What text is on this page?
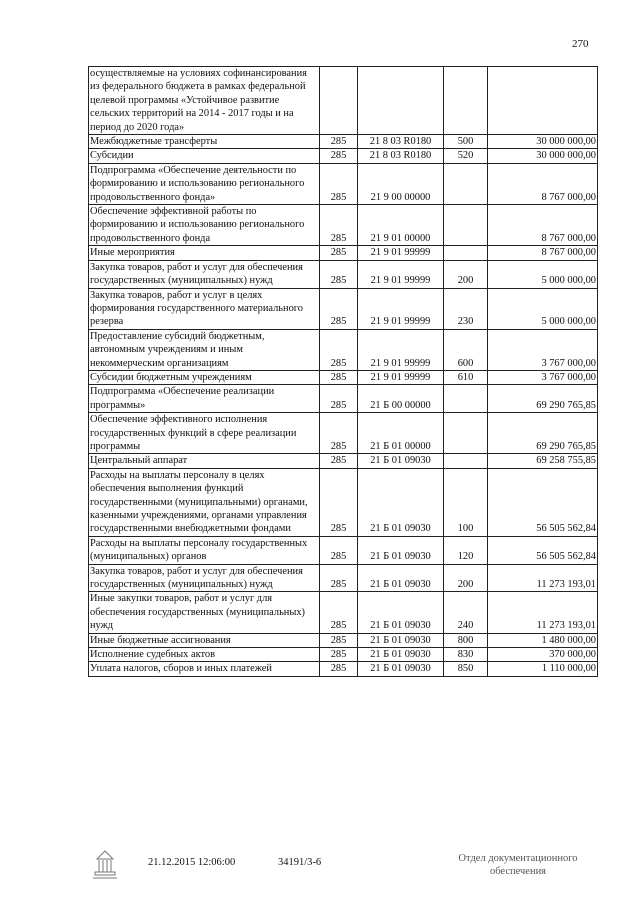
270
осуществляемые на условиях софинансирования из федерального бюджета в рамках федеральной целевой программы «Устойчивое развитие сельских территорий на 2014 - 2017 годы и на период до 2020 года»				
Межбюджетные трансферты	285	21 8 03 R0180	500	30 000 000,00
Субсидии	285	21 8 03 R0180	520	30 000 000,00
Подпрограмма «Обеспечение деятельности по формированию и использованию регионального продовольственного фонда»	285	21 9 00 00000		8 767 000,00
Обеспечение эффективной работы по формированию и использованию регионального продовольственного фонда	285	21 9 01 00000		8 767 000,00
Иные мероприятия	285	21 9 01 99999		8 767 000,00
Закупка товаров, работ и услуг для обеспечения государственных (муниципальных) нужд	285	21 9 01 99999	200	5 000 000,00
Закупка товаров, работ и услуг в целях формирования государственного материального резерва	285	21 9 01 99999	230	5 000 000,00
Предоставление субсидий бюджетным, автономным учреждениям и иным некоммерческим организациям	285	21 9 01 99999	600	3 767 000,00
Субсидии бюджетным учреждениям	285	21 9 01 99999	610	3 767 000,00
Подпрограмма «Обеспечение реализации программы»	285	21 Б 00 00000		69 290 765,85
Обеспечение эффективного исполнения государственных функций в сфере реализации программы	285	21 Б 01 00000		69 290 765,85
Центральный аппарат	285	21 Б 01 09030		69 258 755,85
Расходы на выплаты персоналу в целях обеспечения выполнения функций государственными (муниципальными) органами, казенными учреждениями, органами управления государственными внебюджетными фондами	285	21 Б 01 09030	100	56 505 562,84
Расходы на выплаты персоналу государственных (муниципальных) органов	285	21 Б 01 09030	120	56 505 562,84
Закупка товаров, работ и услуг для обеспечения государственных (муниципальных) нужд	285	21 Б 01 09030	200	11 273 193,01
Иные закупки товаров, работ и услуг для обеспечения государственных (муниципальных) нужд	285	21 Б 01 09030	240	11 273 193,01
Иные бюджетные ассигнования	285	21 Б 01 09030	800	1 480 000,00
Исполнение судебных актов	285	21 Б 01 09030	830	370 000,00
Уплата налогов, сборов и иных платежей	285	21 Б 01 09030	850	1 110 000,00
21.12.2015 12:06:00	34191/3-6	Отдел документационного
обеспечения
